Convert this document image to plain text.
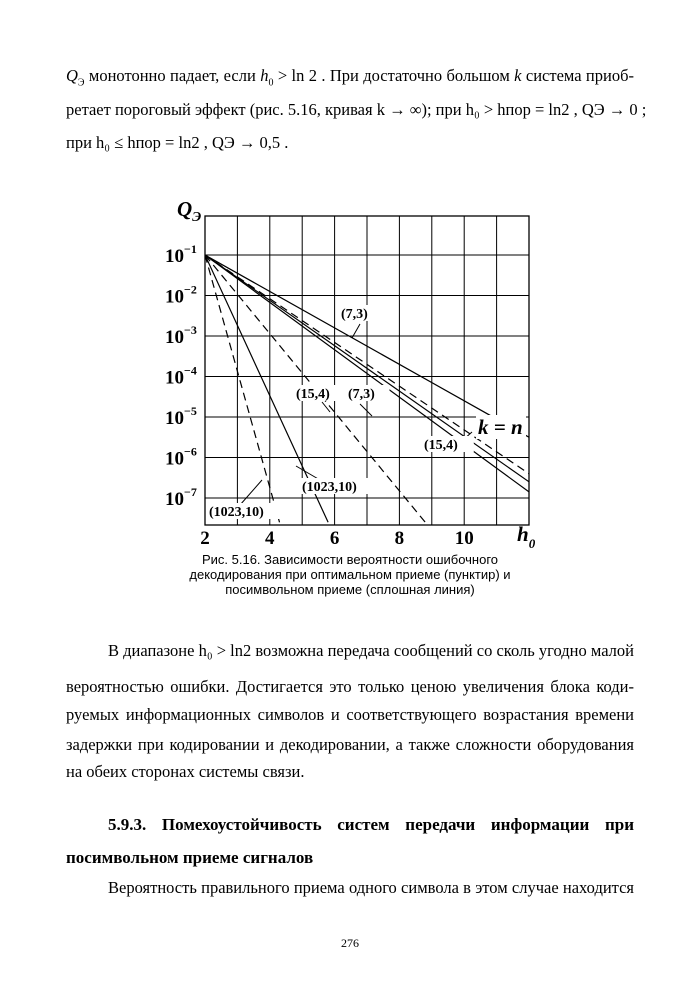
$Q_Э$ монотонно падает, если $h_0 > \ln 2$ . При достаточно большом k система приоб-
ретает пороговый эффект (рис. 5.16, кривая k → ∞); при h₀ > hпор = ln2 , QЭ → 0 ;
при h₀ ≤ hпор = ln2 , QЭ → 0,5 .
$10^{-1}$
$10^{-2}$
$10^{-3}$
$10^{-4}$
$10^{-5}$
$10^{-6}$
$10^{-7}$
2	4	6	8	10
$Q_Э$
$h_0$
(7,3)
(15,4) (7,3)
(15,4)
(1023,10)
(1023,10)
k = n
Рис. 5.16. Зависимости вероятности ошибочного
декодирования при оптимальном приеме (пунктир) и
посимвольном приеме (сплошная линия)
В диапазоне h₀ > ln2 возможна передача сообщений со сколь угодно малой
вероятностью ошибки. Достигается это только ценою увеличения блока коди-
руемых информационных символов и соответствующего возрастания времени
задержки при кодировании и декодировании, а также сложности оборудования
на обеих сторонах системы связи.
5.9.3. Помехоустойчивость систем передачи информации при
посимвольном приеме сигналов
Вероятность правильного приема одного символа в этом случае находится
276
